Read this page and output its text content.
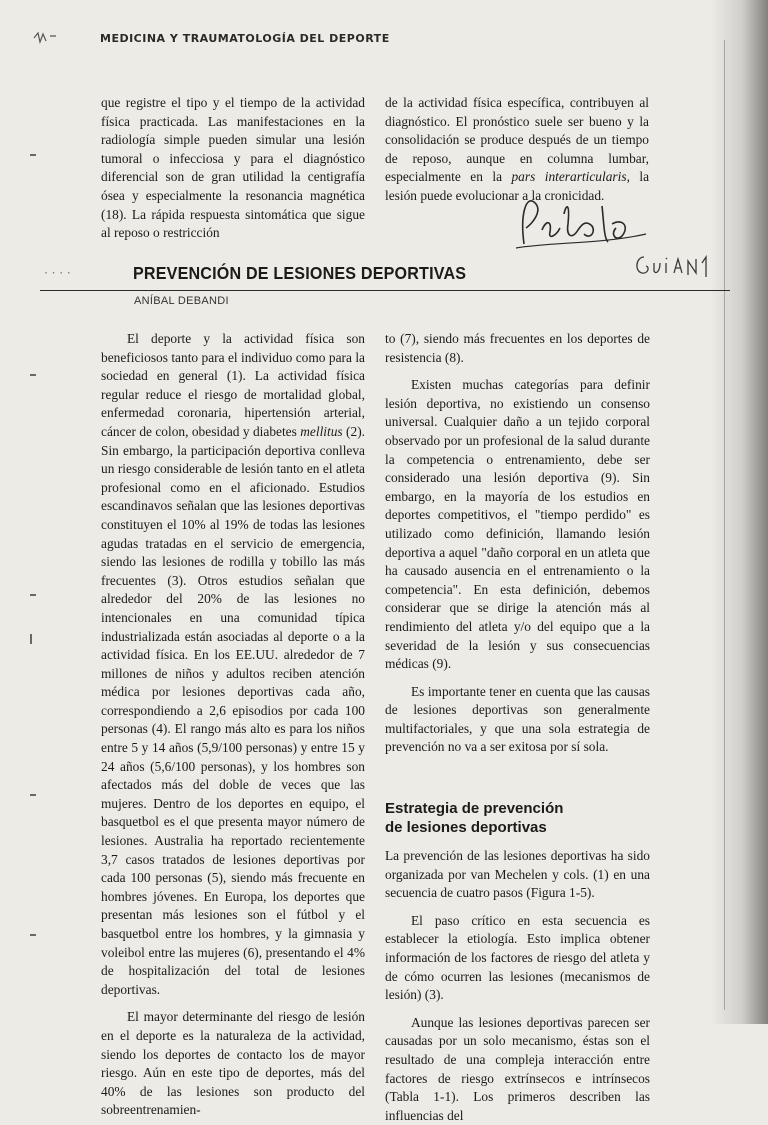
MEDICINA Y TRAUMATOLOGÍA DEL DEPORTE

que registre el tipo y el tiempo de la actividad física practicada. Las manifestaciones en la radiología simple pueden simular una lesión tumoral o infecciosa y para el diagnóstico diferencial son de gran utilidad la centigrafía ósea y especialmente la resonancia magnética (18). La rápida respuesta sintomática que sigue al reposo o restricción

de la actividad física específica, contribuyen al diagnóstico. El pronóstico suele ser bueno y la consolidación se produce después de un tiempo de reposo, aunque en columna lumbar, especialmente en la pars interarticularis, la lesión puede evolucionar a la cronicidad.

· · · ·	PREVENCIÓN DE LESIONES DEPORTIVAS
ANÍBAL DEBANDI

El deporte y la actividad física son beneficiosos tanto para el individuo como para la sociedad en general (1). La actividad física regular reduce el riesgo de mortalidad global, enfermedad coronaria, hipertensión arterial, cáncer de colon, obesidad y diabetes mellitus (2). Sin embargo, la participación deportiva conlleva un riesgo considerable de lesión tanto en el atleta profesional como en el aficionado. Estudios escandinavos señalan que las lesiones deportivas constituyen el 10% al 19% de todas las lesiones agudas tratadas en el servicio de emergencia, siendo las lesiones de rodilla y tobillo las más frecuentes (3). Otros estudios señalan que alrededor del 20% de las lesiones no intencionales en una comunidad típica industrializada están asociadas al deporte o a la actividad física. En los EE.UU. alrededor de 7 millones de niños y adultos reciben atención médica por lesiones deportivas cada año, correspondiendo a 2,6 episodios por cada 100 personas (4). El rango más alto es para los niños entre 5 y 14 años (5,9/100 personas) y entre 15 y 24 años (5,6/100 personas), y los hombres son afectados más del doble de veces que las mujeres. Dentro de los deportes en equipo, el basquetbol es el que presenta mayor número de lesiones. Australia ha reportado recientemente 3,7 casos tratados de lesiones deportivas por cada 100 personas (5), siendo más frecuente en hombres jóvenes. En Europa, los deportes que presentan más lesiones son el fútbol y el basquetbol entre los hombres, y la gimnasia y voleibol entre las mujeres (6), presentando el 4% de hospitalización del total de lesiones deportivas.

El mayor determinante del riesgo de lesión en el deporte es la naturaleza de la actividad, siendo los deportes de contacto los de mayor riesgo. Aún en este tipo de deportes, más del 40% de las lesiones son producto del sobreentrenamien-

to (7), siendo más frecuentes en los deportes de resistencia (8).

Existen muchas categorías para definir lesión deportiva, no existiendo un consenso universal. Cualquier daño a un tejido corporal observado por un profesional de la salud durante la competencia o entrenamiento, debe ser considerado una lesión deportiva (9). Sin embargo, en la mayoría de los estudios en deportes competitivos, el "tiempo perdido" es utilizado como definición, llamando lesión deportiva a aquel "daño corporal en un atleta que ha causado ausencia en el entrenamiento o la competencia". En esta definición, debemos considerar que se dirige la atención más al rendimiento del atleta y/o del equipo que a la severidad de la lesión y sus consecuencias médicas (9).

Es importante tener en cuenta que las causas de lesiones deportivas son generalmente multifactoriales, y que una sola estrategia de prevención no va a ser exitosa por sí sola.

Estrategia de prevención
de lesiones deportivas

La prevención de las lesiones deportivas ha sido organizada por van Mechelen y cols. (1) en una secuencia de cuatro pasos (Figura 1-5).

El paso crítico en esta secuencia es establecer la etiología. Esto implica obtener información de los factores de riesgo del atleta y de cómo ocurren las lesiones (mecanismos de lesión) (3).

Aunque las lesiones deportivas parecen ser causadas por un solo mecanismo, éstas son el resultado de una compleja interacción entre factores de riesgo extrínsecos e intrínsecos (Tabla 1-1). Los primeros describen las influencias del
